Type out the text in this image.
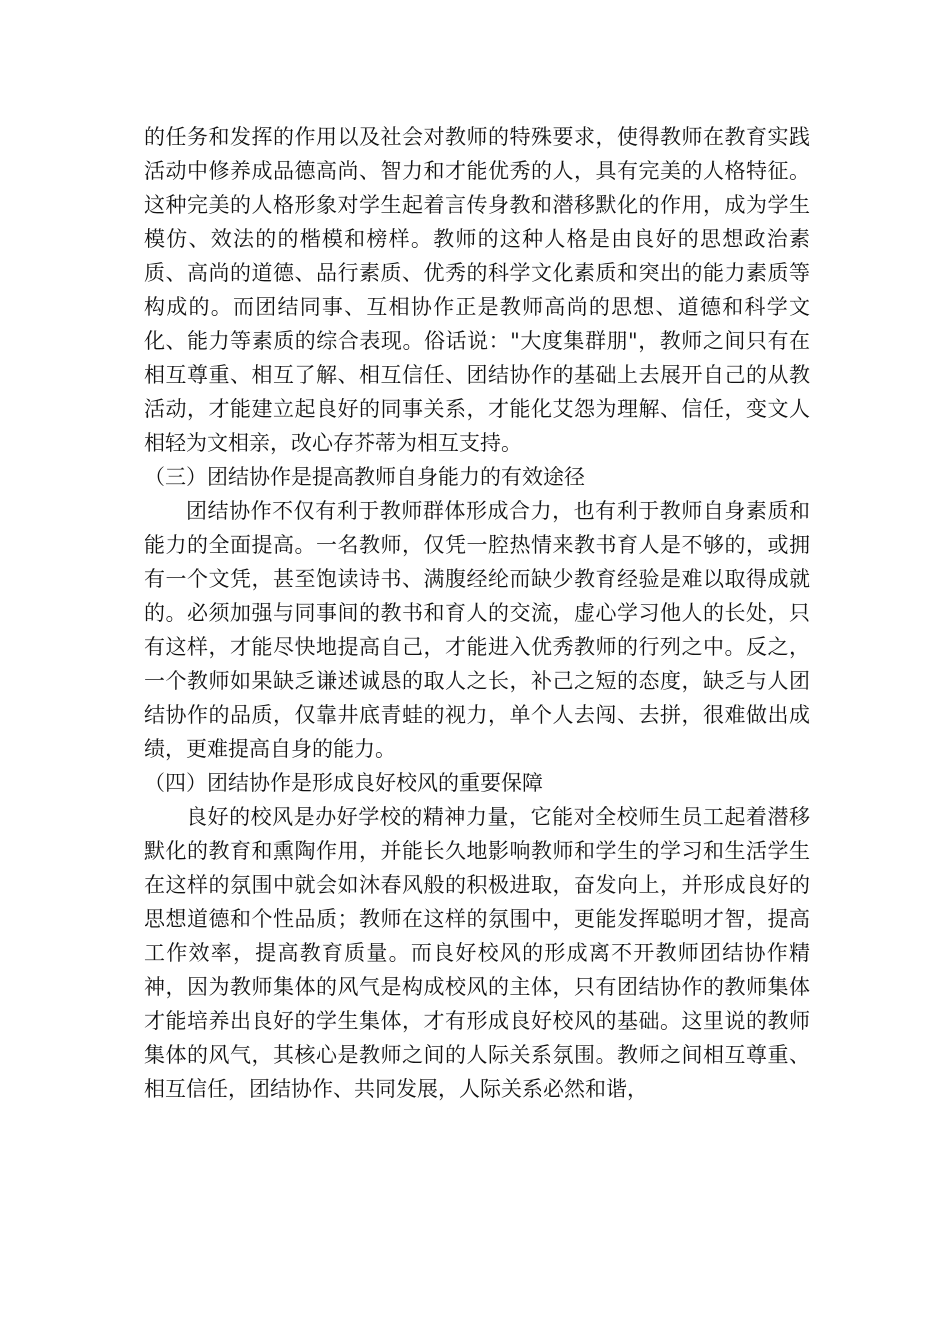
的任务和发挥的作用以及社会对教师的特殊要求，使得教师在教育实践活动中修养成品德高尚、智力和才能优秀的人，具有完美的人格特征。这种完美的人格形象对学生起着言传身教和潜移默化的作用，成为学生模仿、效法的的楷模和榜样。教师的这种人格是由良好的思想政治素质、高尚的道德、品行素质、优秀的科学文化素质和突出的能力素质等构成的。而团结同事、互相协作正是教师高尚的思想、道德和科学文化、能力等素质的综合表现。俗话说："大度集群朋"，教师之间只有在相互尊重、相互了解、相互信任、团结协作的基础上去展开自己的从教活动，才能建立起良好的同事关系，才能化艾怨为理解、信任，变文人相轻为文相亲，改心存芥蒂为相互支持。

（三）团结协作是提高教师自身能力的有效途径

团结协作不仅有利于教师群体形成合力，也有利于教师自身素质和能力的全面提高。一名教师，仅凭一腔热情来教书育人是不够的，或拥有一个文凭，甚至饱读诗书、满腹经纶而缺少教育经验是难以取得成就的。必须加强与同事间的教书和育人的交流，虚心学习他人的长处，只有这样，才能尽快地提高自己，才能进入优秀教师的行列之中。反之，一个教师如果缺乏谦述诚恳的取人之长，补己之短的态度，缺乏与人团结协作的品质，仅靠井底青蛙的视力，单个人去闯、去拼，很难做出成绩，更难提高自身的能力。

（四）团结协作是形成良好校风的重要保障

良好的校风是办好学校的精神力量，它能对全校师生员工起着潜移默化的教育和熏陶作用，并能长久地影响教师和学生的学习和生活学生在这样的氛围中就会如沐春风般的积极进取，奋发向上，并形成良好的思想道德和个性品质；教师在这样的氛围中，更能发挥聪明才智，提高工作效率，提高教育质量。而良好校风的形成离不开教师团结协作精神，因为教师集体的风气是构成校风的主体，只有团结协作的教师集体才能培养出良好的学生集体，才有形成良好校风的基础。这里说的教师集体的风气，其核心是教师之间的人际关系氛围。教师之间相互尊重、相互信任，团结协作、共同发展，人际关系必然和谐，
